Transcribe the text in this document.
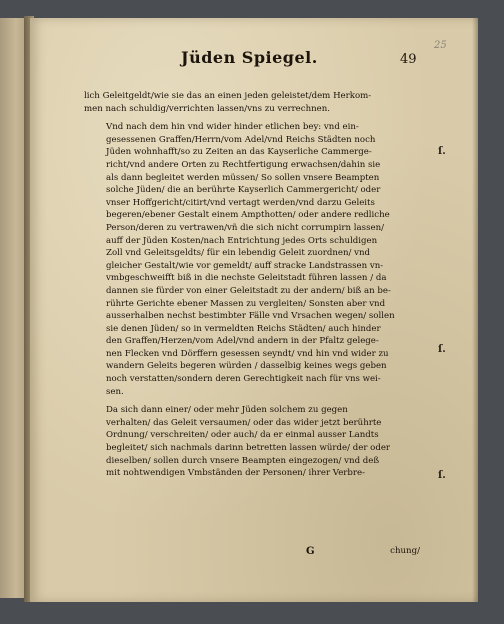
Jüden Spiegel.	49
25
lich Geleitgeldt/wie sie das an einen jeden geleistet/dem Herkom-
men nach schuldig/verrichten lassen/vns zu verrechnen.
Vnd nach dem hin vnd wider hinder etlichen bey: vnd ein-
gesessenen Graffen/Herrn/vom Adel/vnd Reichs Städten noch
Jüden wohnhafft/so zu Zeiten an das Kayserliche Cammerge-
richt/vnd andere Orten zu Rechtfertigung erwachsen/dahin sie
als dann begleitet werden müssen/ So sollen vnsere Beampten
solche Jüden/ die an berührte Kayserlich Cammergericht/ oder
vnser Hoffgericht/citirt/vnd vertagt werden/vnd darzu Geleits
begeren/ebener Gestalt einem Ampthotten/ oder andere redliche
Person/deren zu vertrawen/vñ die sich nicht corrumpirn lassen/
auff der Jüden Kosten/nach Entrichtung jedes Orts schuldigen
Zoll vnd Geleitsgeldts/ für ein lebendig Geleit zuordnen/ vnd
gleicher Gestalt/wie vor gemeldt/ auff stracke Landstrassen vn-
vmbgeschweifft biß in die nechste Geleitstadt führen lassen / da
dannen sie fürder von einer Geleitstadt zu der andern/ biß an be-
rührte Gerichte ebener Massen zu vergleiten/ Sonsten aber vnd
ausserhalben nechst bestimbter Fälle vnd Vrsachen wegen/ sollen
sie denen Jüden/ so in vermeldten Reichs Städten/ auch hinder
den Graffen/Herzen/vom Adel/vnd andern in der Pfaltz gelege-
nen Flecken vnd Dörffern gesessen seyndt/ vnd hin vnd wider zu
wandern Geleits begeren würden / dasselbig keines wegs geben
noch verstatten/sondern deren Gerechtigkeit nach für vns wei-
sen.
Da sich dann einer/ oder mehr Jüden solchem zu gegen
verhalten/ das Geleit versaumen/ oder das wider jetzt berührte
Ordnung/ verschreiten/ oder auch/ da er einmal ausser Landts
begleitet/ sich nachmals darinn betretten lassen würde/ der oder
dieselben/ sollen durch vnsere Beampten eingezogen/ vnd deß
mit nohtwendigen Vmbständen der Personen/ ihrer Verbre-
ſ.
ſ.
ſ.
G	chung/
